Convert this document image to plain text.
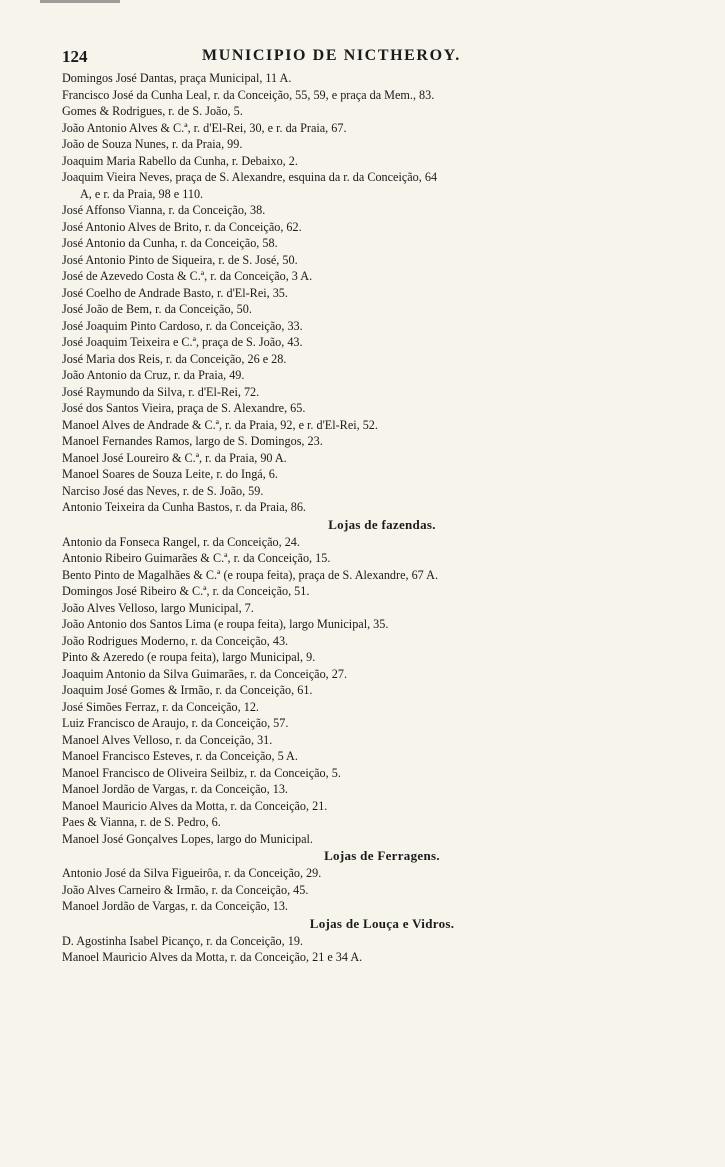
124	MUNICIPIO DE NICTHEROY.
Domingos José Dantas, praça Municipal, 11 A.
Francisco José da Cunha Leal, r. da Conceição, 55, 59, e praça da Mem., 83.
Gomes & Rodrigues, r. de S. João, 5.
João Antonio Alves & C.ª, r. d'El-Rei, 30, e r. da Praia, 67.
João de Souza Nunes, r. da Praia, 99.
Joaquim Maria Rabello da Cunha, r. Debaixo, 2.
Joaquim Vieira Neves, praça de S. Alexandre, esquina da r. da Conceição, 64
A, e r. da Praia, 98 e 110.
José Affonso Vianna, r. da Conceição, 38.
José Antonio Alves de Brito, r. da Conceição, 62.
José Antonio da Cunha, r. da Conceição, 58.
José Antonio Pinto de Siqueira, r. de S. José, 50.
José de Azevedo Costa & C.ª, r. da Conceição, 3 A.
José Coelho de Andrade Basto, r. d'El-Rei, 35.
José João de Bem, r. da Conceição, 50.
José Joaquim Pinto Cardoso, r. da Conceição, 33.
José Joaquim Teixeira e C.ª, praça de S. João, 43.
José Maria dos Reis, r. da Conceição, 26 e 28.
João Antonio da Cruz, r. da Praia, 49.
José Raymundo da Silva, r. d'El-Rei, 72.
José dos Santos Vieira, praça de S. Alexandre, 65.
Manoel Alves de Andrade & C.ª, r. da Praia, 92, e r. d'El-Rei, 52.
Manoel Fernandes Ramos, largo de S. Domingos, 23.
Manoel José Loureiro & C.ª, r. da Praia, 90 A.
Manoel Soares de Souza Leite, r. do Ingá, 6.
Narciso José das Neves, r. de S. João, 59.
Antonio Teixeira da Cunha Bastos, r. da Praia, 86.
Lojas de fazendas.
Antonio da Fonseca Rangel, r. da Conceição, 24.
Antonio Ribeiro Guimarães & C.ª, r. da Conceição, 15.
Bento Pinto de Magalhães & C.ª (e roupa feita), praça de S. Alexandre, 67 A.
Domingos José Ribeiro & C.ª, r. da Conceição, 51.
João Alves Velloso, largo Municipal, 7.
João Antonio dos Santos Lima (e roupa feita), largo Municipal, 35.
João Rodrigues Moderno, r. da Conceição, 43.
Pinto & Azeredo (e roupa feita), largo Municipal, 9.
Joaquim Antonio da Silva Guimarães, r. da Conceição, 27.
Joaquim José Gomes & Irmão, r. da Conceição, 61.
José Simões Ferraz, r. da Conceição, 12.
Luiz Francisco de Araujo, r. da Conceição, 57.
Manoel Alves Velloso, r. da Conceição, 31.
Manoel Francisco Esteves, r. da Conceição, 5 A.
Manoel Francisco de Oliveira Seilbiz, r. da Conceição, 5.
Manoel Jordão de Vargas, r. da Conceição, 13.
Manoel Mauricio Alves da Motta, r. da Conceição, 21.
Paes & Vianna, r. de S. Pedro, 6.
Manoel José Gonçalves Lopes, largo do Municipal.
Lojas de Ferragens.
Antonio José da Silva Figueirôa, r. da Conceição, 29.
João Alves Carneiro & Irmão, r. da Conceição, 45.
Manoel Jordão de Vargas, r. da Conceição, 13.
Lojas de Louça e Vidros.
D. Agostinha Isabel Picanço, r. da Conceição, 19.
Manoel Mauricio Alves da Motta, r. da Conceição, 21 e 34 A.
